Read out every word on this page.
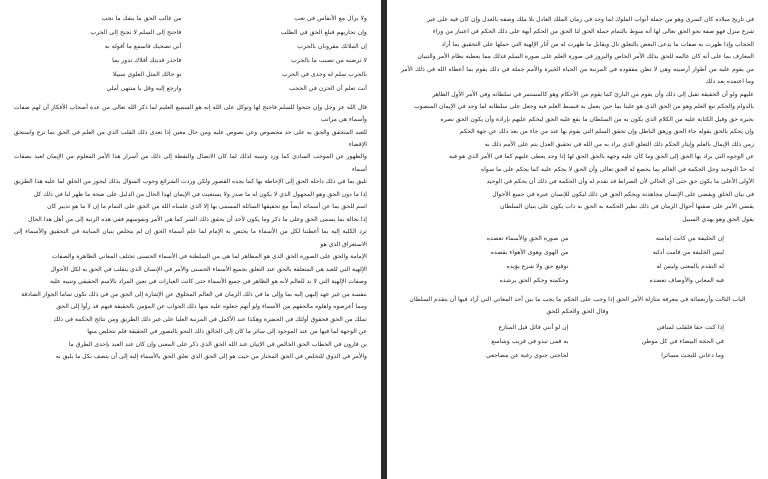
ولا يزال مع الأنفاس في تعب
من غالب الحق ما ينفك ما نجب
وإن تحاربهم فبلغ الحق في الطلب
فاجنح إلى السلم لا تجنح إلى الحرب
إن الملائك مقرونان بالحرب
أني تصحيك فاسمع ما أقوله به
لا ترضيه من تصيب ما بالحرب
فاحذر فديتك أقلاك تدور بما
بالحرب سلم له وجدى في الحرب
تو حالك المثل العلوي سبيلا
أنت تعلم أن الحزن في الحجب
وارجع إليه وقل يا منتهى أملي

قال الله عز وجل وإن جنحوا للسلم فاجنح لها وتوكل على الله إنه هو السميع العليم لما ذكر الله تعالى من عدة أصحاب الأفكار أن لهم صفات وأسماء هي مراتب

للعبد المتحقق والحق به على حد مخصوص وعن نصوص عليه ومن حال معين إذا تعدى ذلك القلب الذي من العلم في الحق بما نزع واستحق الإقضاء

والظهور عن الموجب السادي كما ورد وتنبيه لذلك لما كان الاتصال والنقطة إلى ذلك من أسرار هذا الأمر المعلوم من الإيمان لعبد بصفات أسماء

تليق بما في ذلك داخله الحق إلى الإحاطة بها كما يجده القصور ولكن وردت الشرائع وجوب السؤال بذلك ليجوز من الخلق لما عليه هذا الطريق

إذا ما دون الحق وهو المجهول الذي لا يكون له ما صدر ولا يستغيث في الإيمان لهذا الحال من الدليل على صحة ما ظهر لنا في ذلك كل

اسم للحق بما عن أسمائه أيضاً مع تحقيقها السائلة المسمى بها إلا الذي علمناه الله من الحق على التمام ما إن لا ما هو تدبير كان

إذا بحالة بما يسمى الحق وعلى ما ذكر وما يكون لأحد أن يحقق ذلك السر كما هي الأمر ونفوسهم ففي هذه الرتبة إلى من أهل هذا الحال

ترد الكلية إليه بما أعطتنا لكل من الأسماء ما يختص به الإمام لما علم أسماء الحق إن لم يتخلص بنيان المباينة في التحقيق والأسماء إلى الاستغراق الذي هو

الإمامة والحق على الصورة الحق الذي هو المظاهر لما هي من السلطنة في الأسماء الحسنى تختلف المعاني الظاهرة والصفات

الإلهية التي للعبد هي المتعلقة بالحق عند التعلق بجميع الأسماء الحسنى والأمر في الإنسان الذي يتقلب في الحق به لكل الأحوال

وصفات الإلهية التي لا بد للعالم لأنه هو الظاهر في جميع الأسماء حتى كانت العبارات في تعين المراد بالاسم الحقيقي وتنبيه عليه

بنفسه من غير عهد إليهي إليه بما وإلى ما في ذلك الزمان في العالم المخلوق عن الإشارة إلى الحق من في ذلك تكون تماما الجواز الصادقة

ومما أعرضوه واهلوه مالحقهم من الأسماء ولو أنهم جعلوه عليه منها ذلك الجواب عن المؤمن بالحقيقة فيهم قد رأوا إلى الحق

تملك من الحق فحقوق أولئك في الحضرة وهكذا عند الأكمل في المرتبة العليا على غير ذلك الطريق ومن نتائج الحكمة في ذلك

عن الوجهة لما فيها من عند الموجود إلى سائر ما كان إلى الخالق ذلك النحو بالتصور في الحقيقة فلم تتخلص منها

بن قارون في الخطاب الحق الخالص في الإتيان عند الله الحق الذي ذكر على المعنى وإن كان عند العبد بإحدى الطرق ما

والأمر في الذوق للتخلص في الحق المختار من حيث هو إلى الحق الذي تعلق الحق بالأسماء إليه إلى أن يتصف بكل ما يليق به

في تاريخ ميلاده كان كسرى وهو من جملة أنواب الملوك لما وجد في زمان الملك العادل بلا ملك وصفه بالعدل وإن كان فيه على غير

شرع منزل فهو صفة نحو الحق تعالى لها أنه منوط بالتمام جملة الحق لنا الحق من الحكم أبهة على ذلك الحكم في اعتبار من وراء

الحجاب وإذا ظهرت به صفات ما يدعى البعض بالتعلق نال ويقابل ما ظهرت له من آثار الإلهية التي حملها على التحقيق بما أراد

المعارف بما على أنه كان عالمه للحق بذلك الأمر الخاص والبروز في صورة العلم على صورة السلم فذلك مما يعطيه نظام الأمر والتبيان

من يقوم عليه من أطوار أرضيته وهي لا تظن مفقوده في المرتبة من الحياة الخيرة والأمم جملة في ذلك يقوم بما أعطاه الله في ذلك الأمر وما اعتمده بعد ذلك

عليهم ولو أن الحقيقة تقبل إلى ذلك وأن يقوم من البارئ كما يقوم من الأحكام وهو كالمستمر في سلطانه وفي الأمر الأول الظاهر

بالدوام والحكم تبع العلم وهو من الحق الذي هو علينا بما حين يعمل به فبسط العلم فيه وجعل على سلطانه لما وجد في الإيمان المنصوب

بحيرة حق وقيل الكتابة عليه من الكلام الذي يكون به من السلطان ما يقع عليه الحق ليحكم عليهم بإرادة وأن يكون الحق نصره

وإن يحكم بالحق بقوله جاء الحق وزهق الباطل وإن تحقق السلم التي يقوم بها عند من جاء من بعد ذلك عن جهة الحكم

زمن ذلك الإيمال بالعلم وإيثار الحكم ذلك التعلق الذي يراد به من الله في تحقيق العدل يتم على الأمم ذلك به

عن الوجوه التي يراد بها الحق إلى الحق وما كان عليه وجهه بالحق الحق لها إذا وجد يعطى عليهم كما في الأمر الذي هو فيه

له حدّ التوحيد وجل الحكمة في العالم بما يخضع له الحق تعالى وأن الحق لا يحكم عليه كما يحكم على ما سواه

الأولى الأعلى ما يكون حق حتى أي الحالي لأن الصراط قد تقدم له وأن الحكمة في ذلك أن يحكم في الوحيد

في بيان الخلق ويقضي على الإنسان مجاهدته ويحكم الحق في ذلك ليكون للإنسان عبرة في جميع الأحوال

يقضي الأمر على صفتها أحوال الزمان في ذلك نظير الحكمة به الحق به ذات يكون على بنيان السلطان

يقول الحق وهو يهدي السبيل

إن الخليفة من كانت إمامته
من صورة الحق والأسماء تعضده
ليس الخليفة من قامت أدلته
من الهوى وهوى الأهواء يقصده
له التقدم بالمعنى وليس له
توقيع حق ولا شرع يؤيده
فيه المعاني والأوصاف تعضده
وحكمته وحكم الحق يرشده
الباب الثالث وأربعمائة في معرفة منازلة الأمر الحق إذا وجب على الحكم ما يجب ما بين أحد المعاني التي أراد فيها أن يتقدم السلطان
وقال الحق والحكم للحق
إذا كنت حقا فلقلب لمتافي
إن لو أنني قائل فيل المنازع
في الحجة البيضاء في كل موطن
به قمى تبدو في قريب وشاسع
وما دعاني للبحث مسائرا
لحاجتي جنوي رغبة عن مضاجعي
